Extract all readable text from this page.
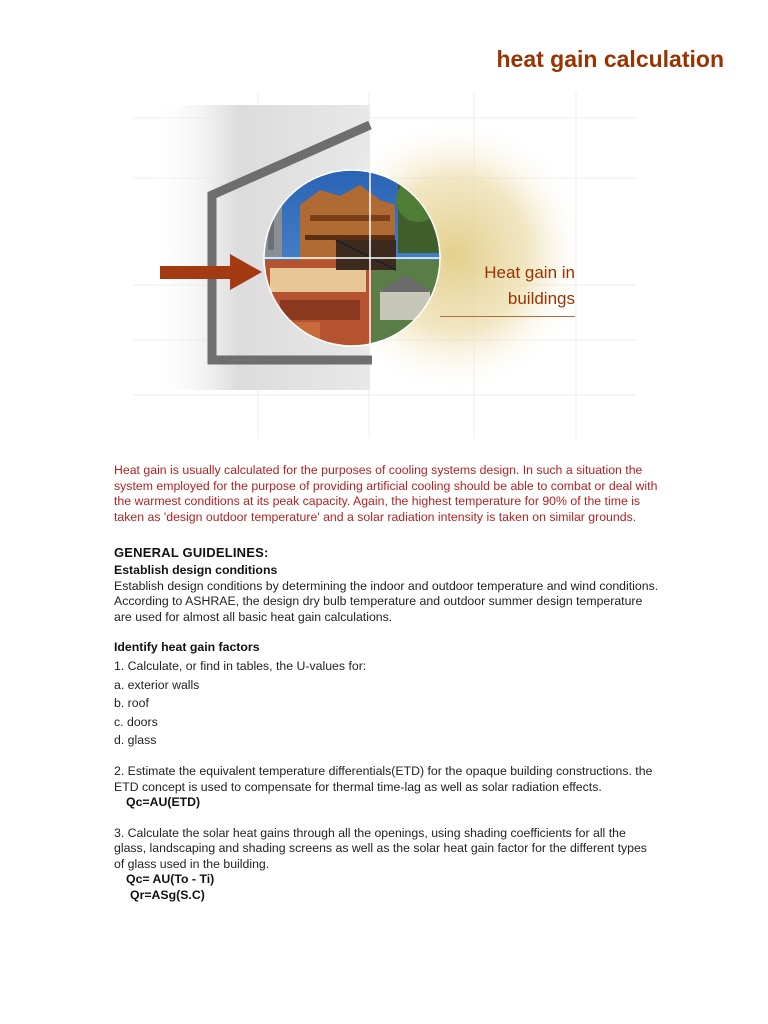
heat gain calculation
Heat gain in
buildings

Heat gain is usually calculated for the purposes of cooling systems design. In such a situation the system employed for the purpose of providing artificial cooling should be able to combat or deal with the warmest conditions at its peak capacity. Again, the highest temperature for 90% of the time is taken as 'design outdoor temperature' and a solar radiation intensity is taken on similar grounds.

GENERAL GUIDELINES:

Establish design conditions

Establish design conditions by determining the indoor and outdoor temperature and wind conditions. According to ASHRAE, the design dry bulb temperature and outdoor summer design temperature are used for almost all basic heat gain calculations.

Identify heat gain factors

1. Calculate, or find in tables, the U-values for:

a. exterior walls

b. roof

c. doors

d. glass

2. Estimate the equivalent temperature differentials(ETD) for the opaque building constructions. the ETD concept is used to compensate for thermal time-lag as well as solar radiation effects.

Qc=AU(ETD)

3. Calculate the solar heat gains through all the openings, using shading coefficients for all the glass, landscaping and shading screens as well as the solar heat gain factor for the different types of glass used in the building.

Qc= AU(To - Ti)

Qr=ASg(S.C)
